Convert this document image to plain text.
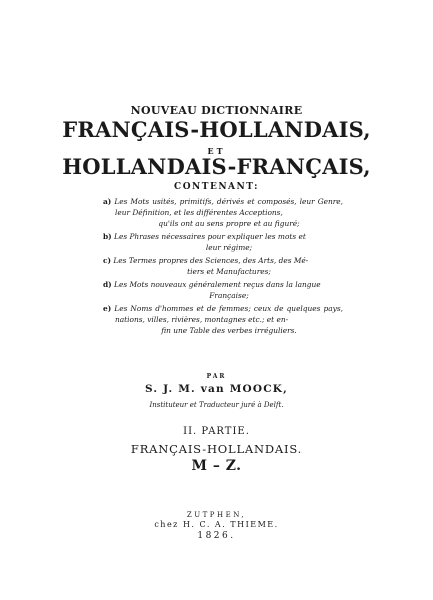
NOUVEAU DICTIONNAIRE
FRANÇAIS-HOLLANDAIS,
ET
HOLLANDAIS-FRANÇAIS,
CONTENANT:
a) Les Mots usités, primitifs, dérivés et composés, leur Genre, leur Définition, et les différentes Acceptions,
qu'ils ont au sens propre et au figuré;
b) Les Phrases nécessaires pour expliquer les mots et
leur régime;
c) Les Termes propres des Sciences, des Arts, des Mé-
tiers et Manufactures;
d) Les Mots nouveaux généralement reçus dans la langue
Française;
e) Les Noms d'hommes et de femmes; ceux de quelques pays, nations, villes, rivières, montagnes etc.; et en-
fin une Table des verbes irréguliers.
PAR
S. J. M. van MOOCK,
Instituteur et Traducteur juré à Delft.
II. PARTIE.
FRANÇAIS-HOLLANDAIS.
M – Z.
ZUTPHEN,
chez H. C. A. THIEME.
1826.
